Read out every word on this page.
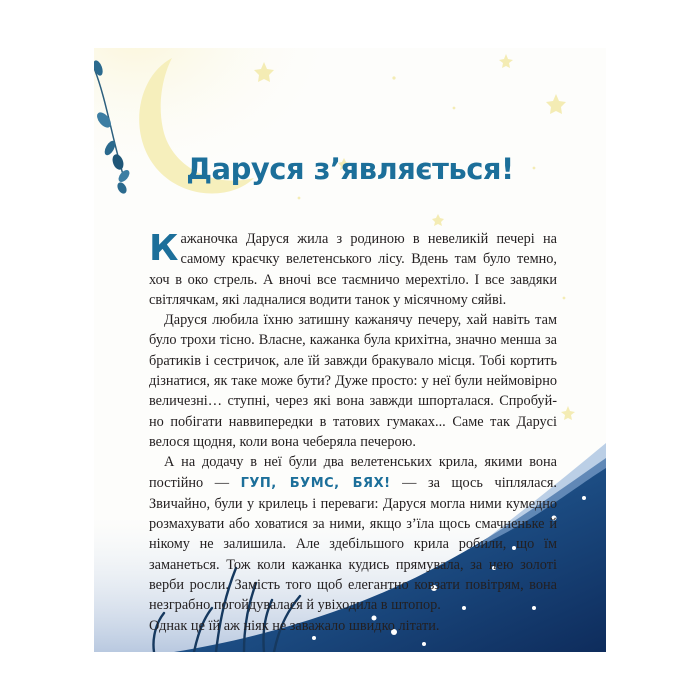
Даруся з’являється!

Кажаночка Даруся жила з родиною в невеликій печері на самому краєчку велетенського лісу. Вдень там було темно, хоч в око стрель. А вночі все таємничо мерехтіло. І все завдяки світлячкам, які ладналися водити танок у місячному сяйві.

Даруся любила їхню затишну кажанячу печеру, хай навіть там було трохи тісно. Власне, кажанка була крихітна, значно менша за братиків і сестричок, але їй завжди бракувало місця. Тобі кортить дізнатися, як таке може бути? Дуже просто: у неї були неймовірно величезні… ступні, через які вона завжди шпорталася. Спробуй-но побігати наввипередки в татових гумаках... Саме так Дарусі велося щодня, коли вона чеберяла печерою.

А на додачу в неї були два велетенських крила, якими вона постійно — ГУП, БУМС, БЯХ! — за щось чіплялася. Звичайно, були у крилець і переваги: Даруся могла ними кумедно розмахувати або ховатися за ними, якщо з’їла щось смачненьке й нікому не залишила. Але здебільшого крила робили, що їм заманеться. Тож коли кажанка кудись прямувала, за нею золоті верби росли. Замість того щоб елегантно ковзати повітрям, вона незграбно погойдувалася й увіходила в штопор.

Однак це їй аж ніяк не заважало швидко літати.
